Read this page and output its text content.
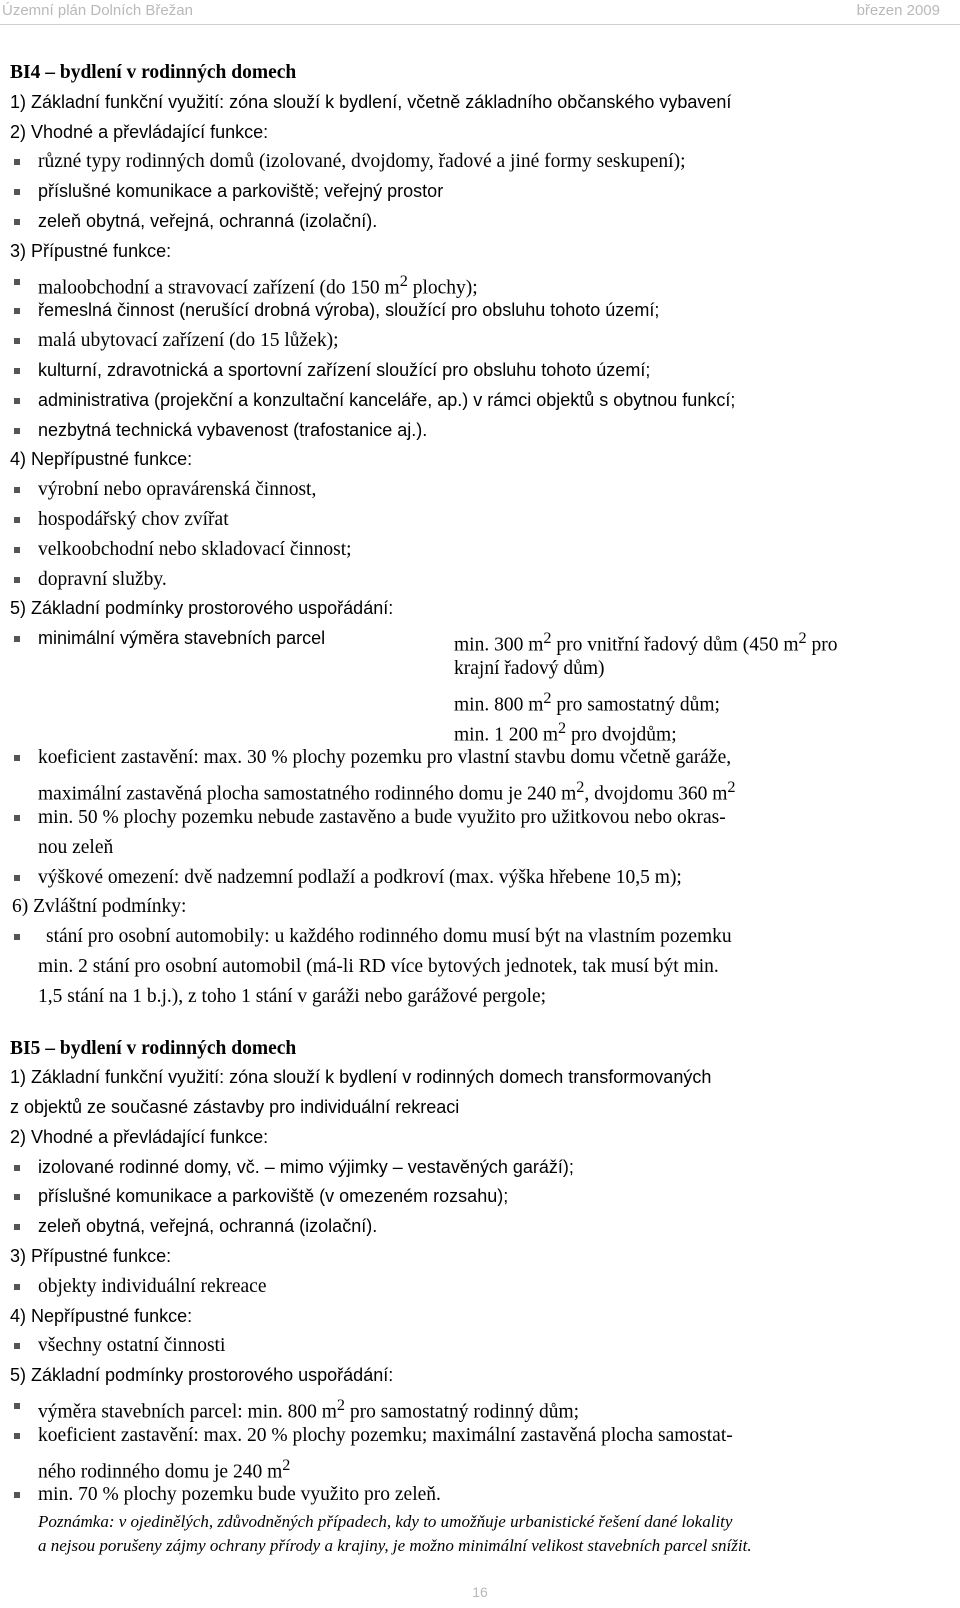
Územní plán Dolních Břežan	březen 2009
BI4 – bydlení v rodinných domech
1) Základní funkční využití: zóna slouží k bydlení, včetně základního občanského vybavení
2) Vhodné a převládající funkce:
různé typy rodinných domů (izolované, dvojdomy, řadové a jiné formy seskupení);
příslušné komunikace a parkoviště; veřejný prostor
zeleň obytná, veřejná, ochranná (izolační).
3) Přípustné funkce:
maloobchodní a stravovací zařízení (do 150 $m^2$ plochy);
řemeslná činnost (nerušící drobná výroba), sloužící pro obsluhu tohoto území;
malá ubytovací zařízení (do 15 lůžek);
kulturní, zdravotnická a sportovní zařízení sloužící pro obsluhu tohoto území;
administrativa (projekční a konzultační kanceláře, ap.) v rámci objektů s obytnou funkcí;
nezbytná technická vybavenost (trafostanice aj.).
4) Nepřípustné funkce:
výrobní nebo opravárenská činnost,
hospodářský chov zvířat
velkoobchodní nebo skladovací činnost;
dopravní služby.
5) Základní podmínky prostorového uspořádání:
minimální výměra stavebních parcel	min. 300 $m^2$ pro vnitřní řadový dům (450 $m^2$ pro
krajní řadový dům)
min. 800 $m^2$ pro samostatný dům;
min. 1 200 $m^2$ pro dvojdům;
koeficient zastavění: max. 30 % plochy pozemku pro vlastní stavbu domu včetně garáže,
maximální zastavěná plocha samostatného rodinného domu je 240 $m^2$, dvojdomu 360 $m^2$
min. 50 % plochy pozemku nebude zastavěno a bude využito pro užitkovou nebo okras-
nou zeleň
výškové omezení: dvě nadzemní podlaží a podkroví (max. výška hřebene 10,5 m);
6) Zvláštní podmínky:
stání pro osobní automobily: u každého rodinného domu musí být na vlastním pozemku
min. 2 stání pro osobní automobil (má-li RD více bytových jednotek, tak musí být min.
1,5 stání na 1 b.j.), z toho 1 stání v garáži nebo garážové pergole;
BI5 – bydlení v rodinných domech
1) Základní funkční využití: zóna slouží k bydlení v rodinných domech transformovaných
z objektů ze současné zástavby pro individuální rekreaci
2) Vhodné a převládající funkce:
izolované rodinné domy, vč. – mimo výjimky – vestavěných garáží);
příslušné komunikace a parkoviště (v omezeném rozsahu);
zeleň obytná, veřejná, ochranná (izolační).
3) Přípustné funkce:
objekty individuální rekreace
4) Nepřípustné funkce:
všechny ostatní činnosti
5) Základní podmínky prostorového uspořádání:
výměra stavebních parcel: min. 800 $m^2$ pro samostatný rodinný dům;
koeficient zastavění: max. 20 % plochy pozemku; maximální zastavěná plocha samostat-
ného rodinného domu je 240 $m^2$
min. 70 % plochy pozemku bude využito pro zeleň.
Poznámka: v ojedinělých, zdůvodněných případech, kdy to umožňuje urbanistické řešení dané lokality
a nejsou porušeny zájmy ochrany přírody a krajiny, je možno minimální velikost stavebních parcel snížit.
16
